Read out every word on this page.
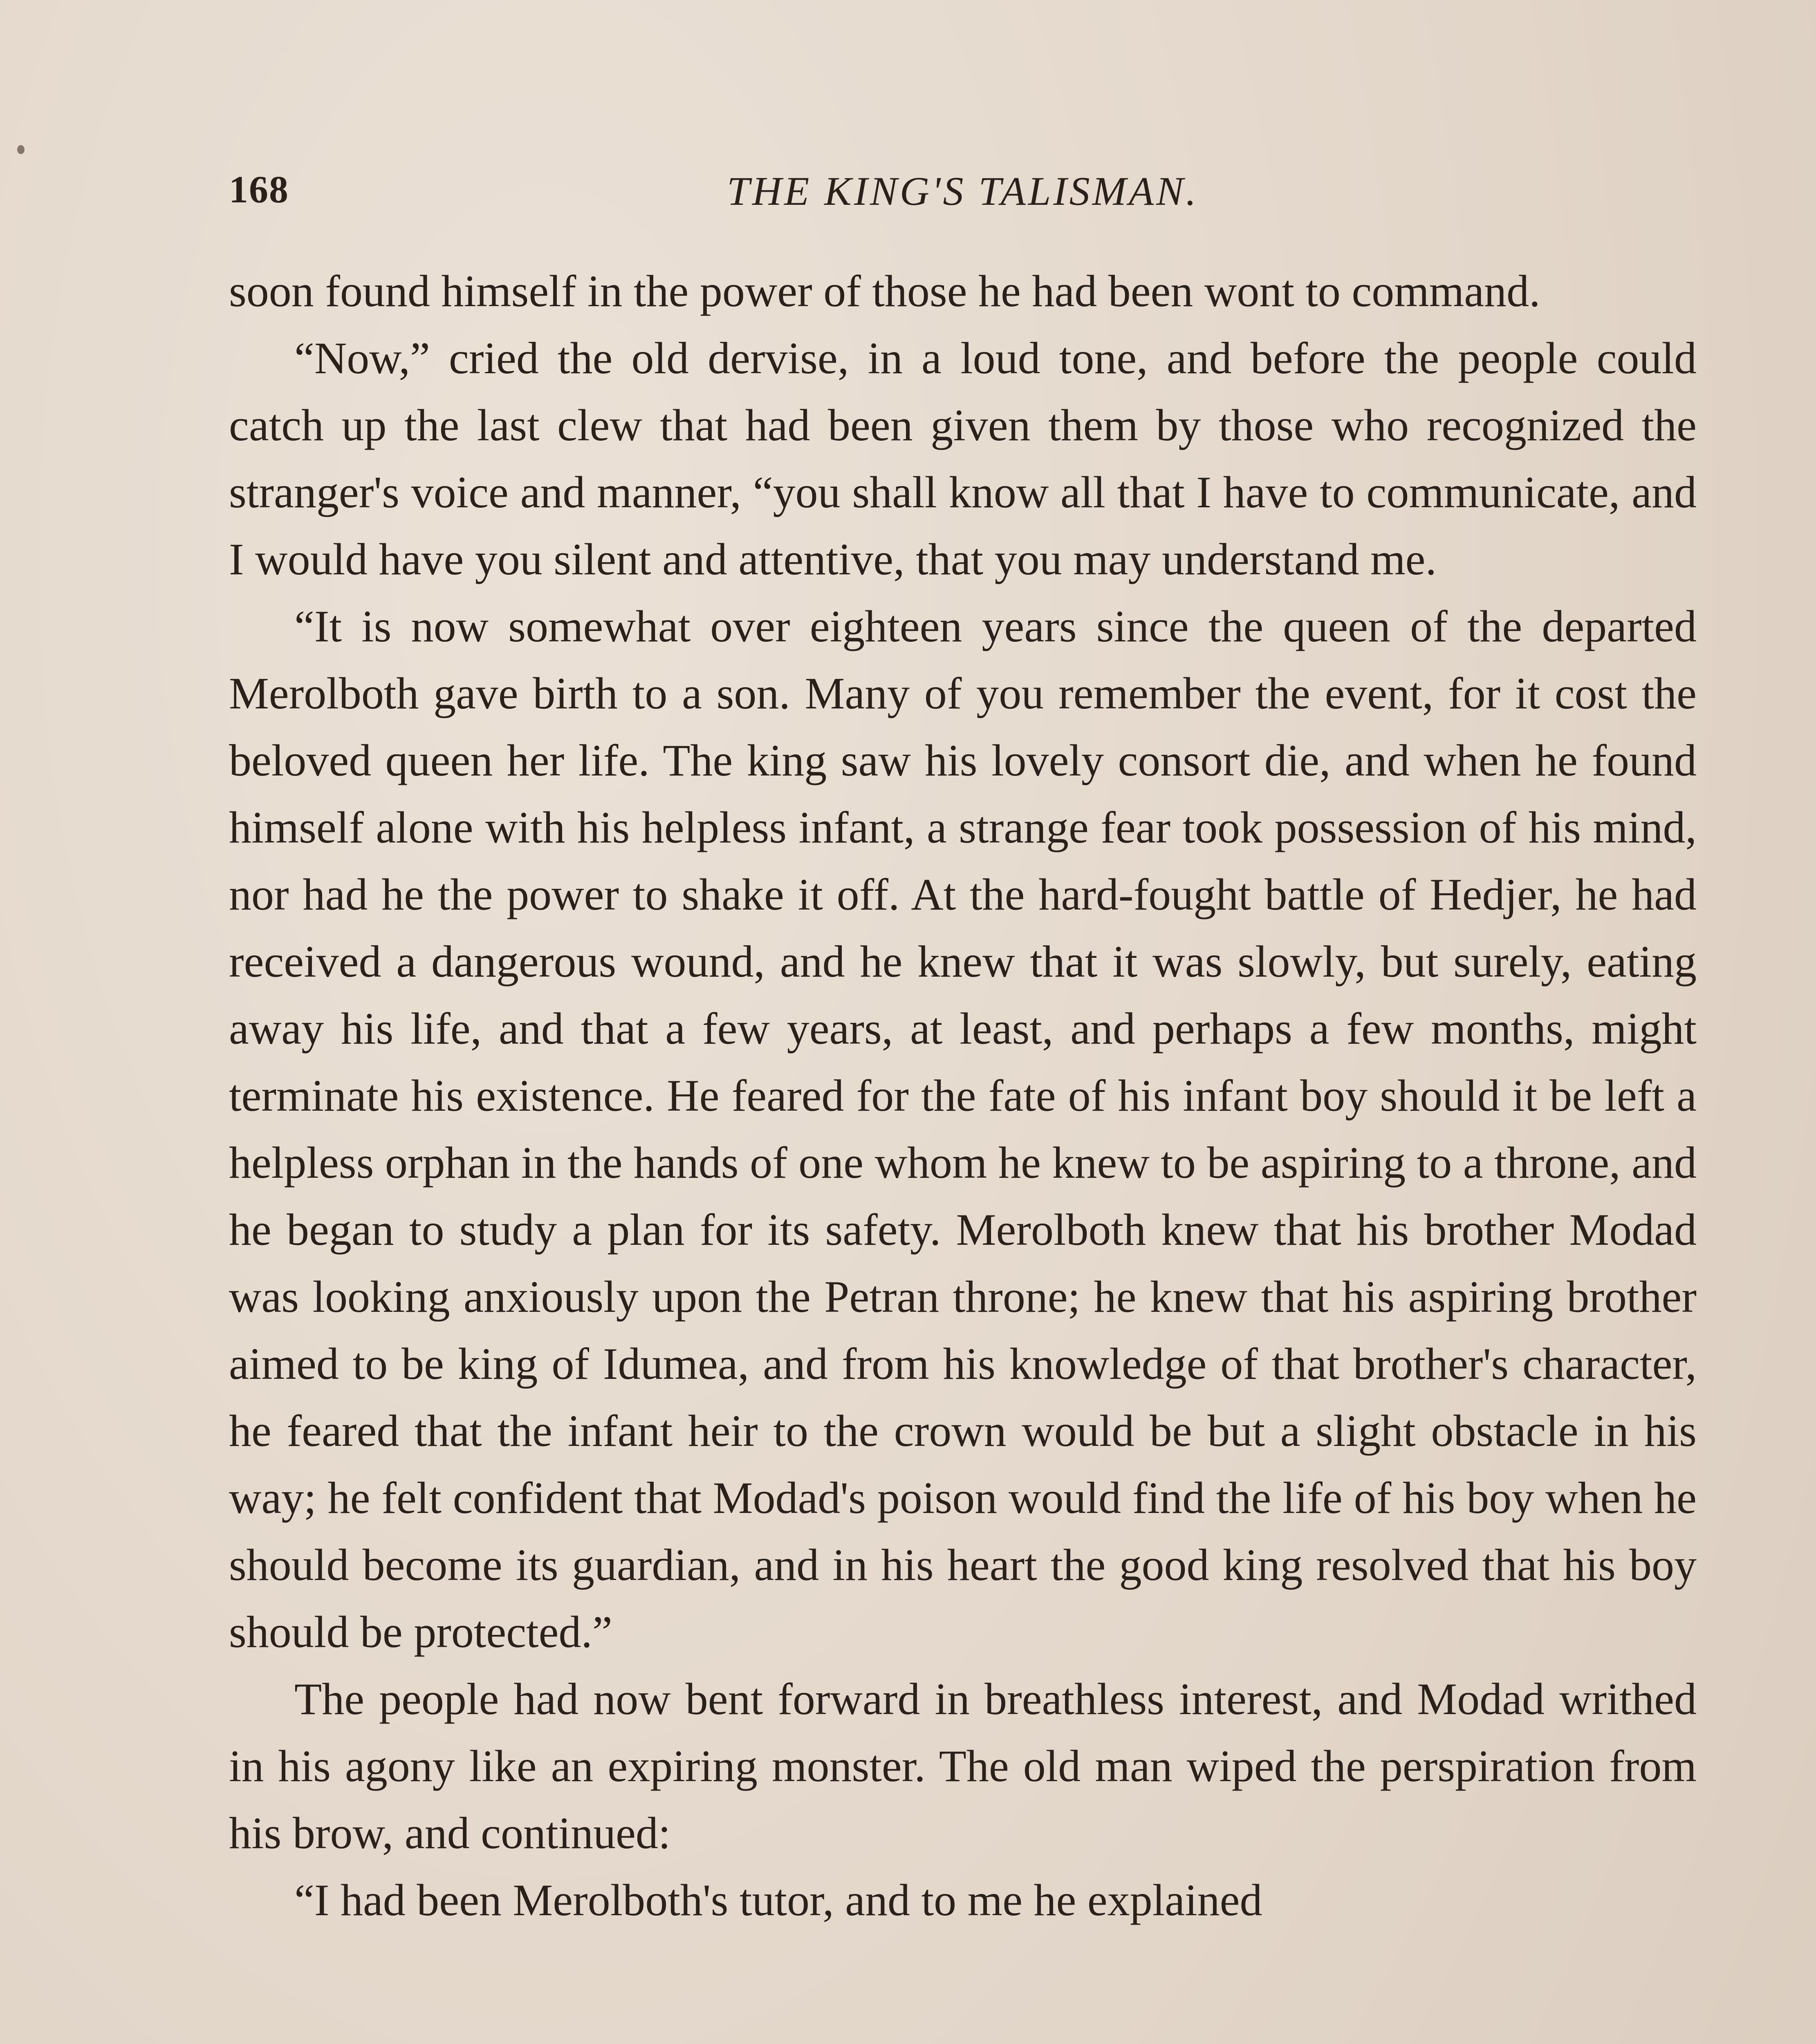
168	THE KING'S TALISMAN.

soon found himself in the power of those he had been wont to command.

“Now,” cried the old dervise, in a loud tone, and before the people could catch up the last clew that had been given them by those who recognized the stranger's voice and manner, “you shall know all that I have to communicate, and I would have you silent and attentive, that you may understand me.

“It is now somewhat over eighteen years since the queen of the departed Merolboth gave birth to a son. Many of you remember the event, for it cost the beloved queen her life. The king saw his lovely consort die, and when he found himself alone with his helpless infant, a strange fear took possession of his mind, nor had he the power to shake it off. At the hard-fought battle of Hedjer, he had received a dangerous wound, and he knew that it was slowly, but surely, eating away his life, and that a few years, at least, and perhaps a few months, might terminate his existence. He feared for the fate of his infant boy should it be left a helpless orphan in the hands of one whom he knew to be aspiring to a throne, and he began to study a plan for its safety. Merolboth knew that his brother Modad was looking anxiously upon the Petran throne; he knew that his aspiring brother aimed to be king of Idumea, and from his knowledge of that brother's character, he feared that the infant heir to the crown would be but a slight obstacle in his way; he felt confident that Modad's poison would find the life of his boy when he should become its guardian, and in his heart the good king resolved that his boy should be protected.”

The people had now bent forward in breathless interest, and Modad writhed in his agony like an expiring monster. The old man wiped the perspiration from his brow, and continued:

“I had been Merolboth's tutor, and to me he explained
